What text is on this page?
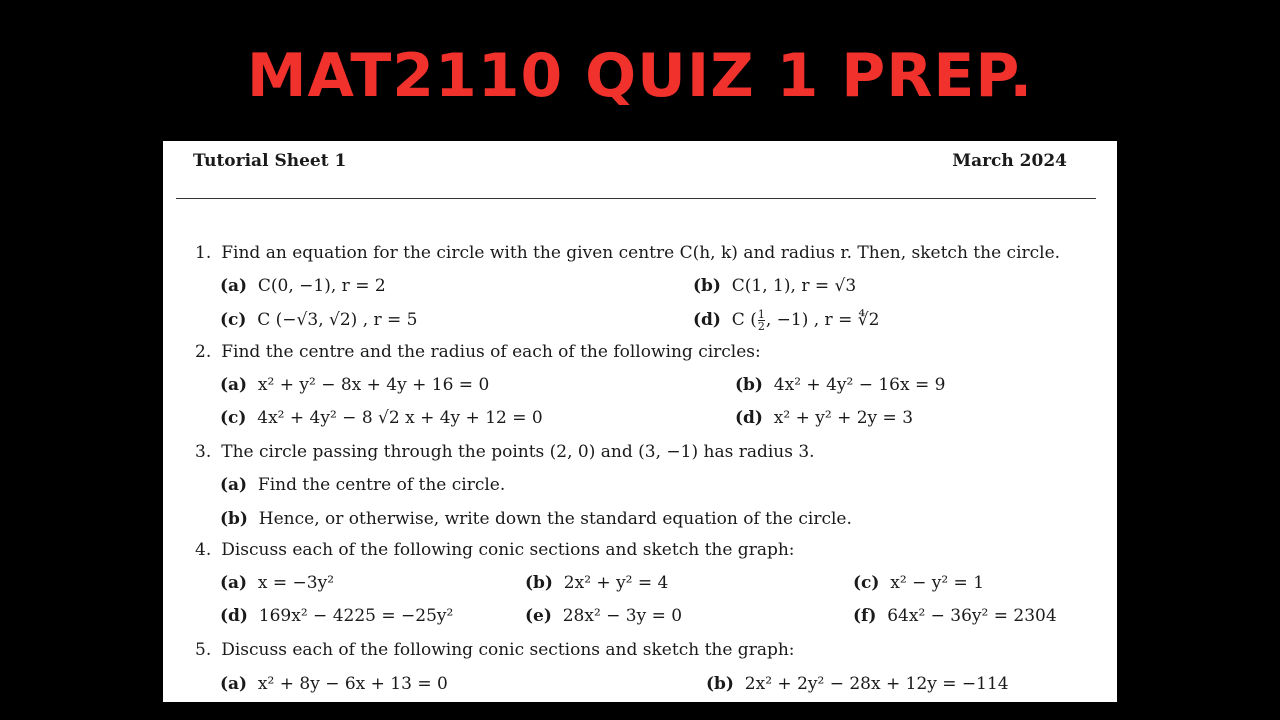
MAT2110 QUIZ 1 PREP.
Tutorial Sheet 1	March 2024
1. Find an equation for the circle with the given centre C(h, k) and radius r. Then, sketch the circle.
(a) C(0, −1), r = 2	(b) C(1, 1), r = √3
(c) C (−√3, √2) , r = 5	(d) C ( $\frac{1}{2}$ , −1) , r = ∜2
2. Find the centre and the radius of each of the following circles:
(a) x² + y² − 8x + 4y + 16 = 0	(b) 4x² + 4y² − 16x = 9
(c) 4x² + 4y² − 8 √2 x + 4y + 12 = 0	(d) x² + y² + 2y = 3
3. The circle passing through the points (2, 0) and (3, −1) has radius 3.
(a) Find the centre of the circle.
(b) Hence, or otherwise, write down the standard equation of the circle.
4. Discuss each of the following conic sections and sketch the graph:
(a) x = −3y²	(b) 2x² + y² = 4	(c) x² − y² = 1
(d) 169x² − 4225 = −25y²	(e) 28x² − 3y = 0	(f) 64x² − 36y² = 2304
5. Discuss each of the following conic sections and sketch the graph:
(a) x² + 8y − 6x + 13 = 0	(b) 2x² + 2y² − 28x + 12y = −114
